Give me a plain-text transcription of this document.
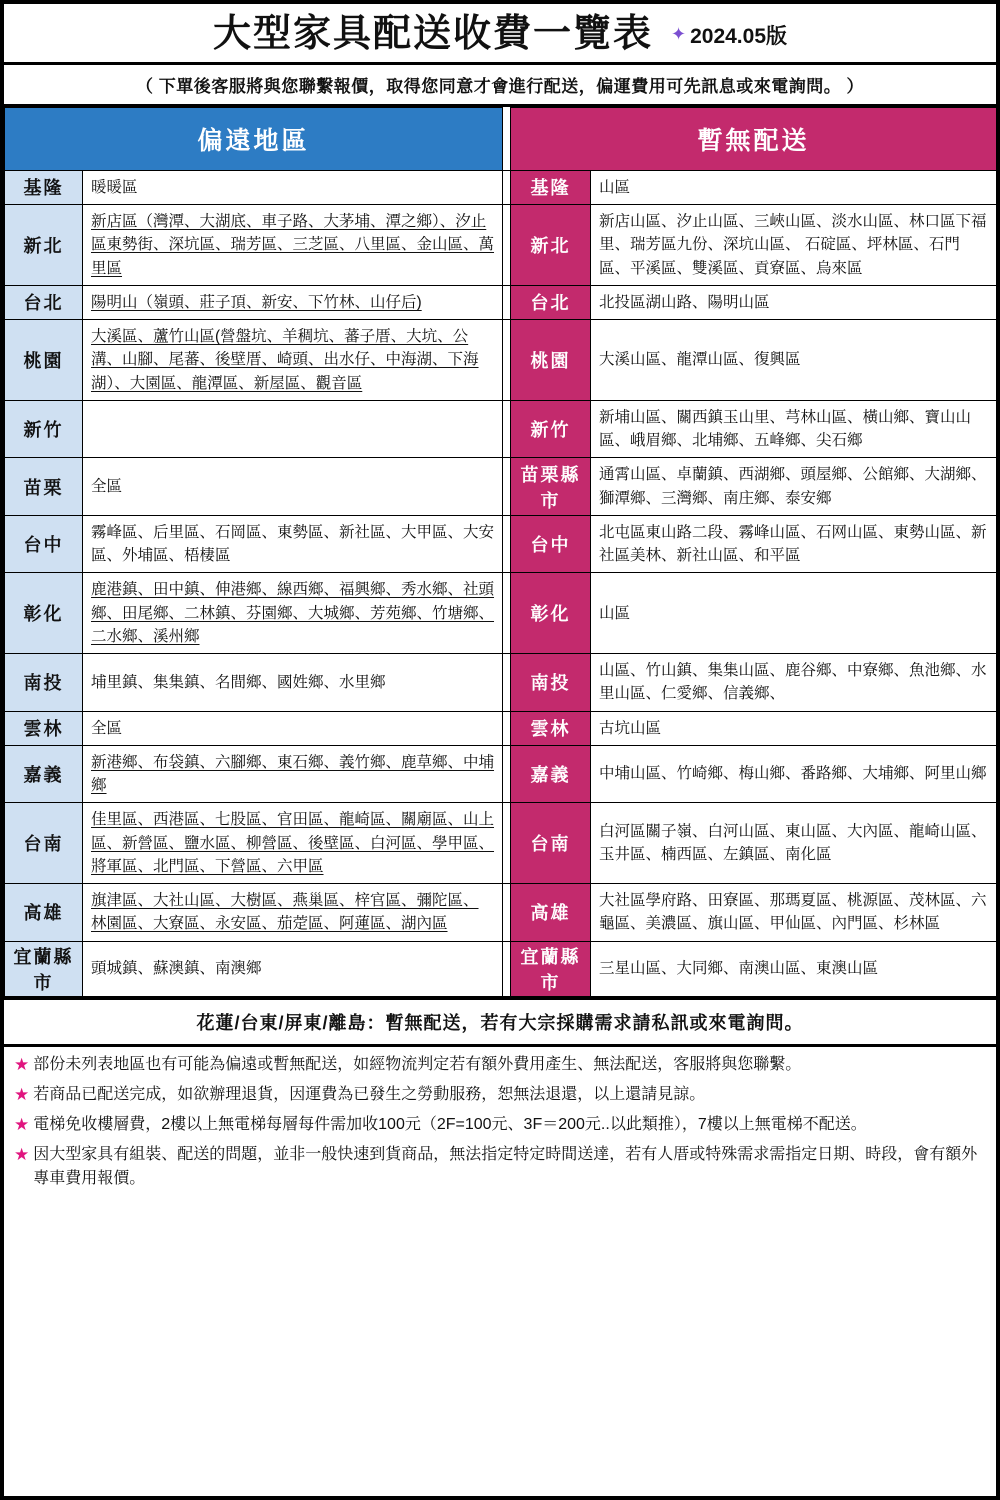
大型家具配送收費一覽表 ✦ 2024.05版
（ 下單後客服將與您聯繫報價，取得您同意才會進行配送，偏運費用可先訊息或來電詢問。 ）
偏遠地區			暫無配送	
基隆	暖暖區		基隆	山區
新北	新店區（灣潭、大湖底、車子路、大茅埔、潭之鄉）、汐止區東勢街、深坑區、瑞芳區、三芝區、八里區、金山區、萬里區		新北	新店山區、汐止山區、三峽山區、淡水山區、林口區下福里、瑞芳區九份、深坑山區、 石碇區、坪林區、石門區、平溪區、雙溪區、貢寮區、烏來區
台北	陽明山（嶺頭、莊子頂、新安、下竹林、山仔后)		台北	北投區湖山路、陽明山區
桃園	大溪區、蘆竹山區(營盤坑、羊稠坑、蕃子厝、大坑、公溝、山腳、尾蕃、後壁厝、崎頭、出水仔、中海湖、下海湖）、大園區、龍潭區、新屋區、觀音區		桃園	大溪山區、龍潭山區、復興區
新竹			新竹	新埔山區、關西鎮玉山里、芎林山區、橫山鄉、寶山山區、峨眉鄉、北埔鄉、五峰鄉、尖石鄉
苗栗	全區		苗栗縣市	通霄山區、卓蘭鎮、西湖鄉、頭屋鄉、公館鄉、大湖鄉、獅潭鄉、三灣鄉、南庄鄉、泰安鄉
台中	霧峰區、后里區、石岡區、東勢區、新社區、大甲區、大安區、外埔區、梧棲區		台中	北屯區東山路二段、霧峰山區、石网山區、東勢山區、新社區美林、新社山區、和平區
彰化	鹿港鎮、田中鎮、伸港鄉、線西鄉、福興鄉、秀水鄉、社頭鄉、田尾鄉、二林鎮、芬園鄉、大城鄉、芳苑鄉、竹塘鄉、二水鄉、溪州鄉		彰化	山區
南投	埔里鎮、集集鎮、名間鄉、國姓鄉、水里鄉		南投	山區、竹山鎮、集集山區、鹿谷鄉、中寮鄉、魚池鄉、水里山區、仁愛鄉、信義鄉、
雲林	全區		雲林	古坑山區
嘉義	新港鄉、布袋鎮、六腳鄉、東石鄉、義竹鄉、鹿草鄉、中埔鄉		嘉義	中埔山區、竹崎鄉、梅山鄉、番路鄉、大埔鄉、阿里山鄉
台南	佳里區、西港區、七股區、官田區、龍崎區、關廟區、山上區、新營區、鹽水區、柳營區、後壁區、白河區、學甲區、將軍區、北門區、下營區、六甲區		台南	白河區關子嶺、白河山區、東山區、大內區、龍崎山區、玉井區、楠西區、左鎮區、南化區
高雄	旗津區、大社山區、大樹區、燕巢區、梓官區、彌陀區、 林園區、大寮區、永安區、茄萣區、阿蓮區、湖內區		高雄	大社區學府路、田寮區、那瑪夏區、桃源區、茂林區、六龜區、美濃區、旗山區、甲仙區、內門區、杉林區
宜蘭縣市	頭城鎮、蘇澳鎮、南澳鄉		宜蘭縣市	三星山區、大同鄉、南澳山區、東澳山區
花蓮/台東/屏東/離島：暫無配送，若有大宗採購需求請私訊或來電詢問。
★ 部份未列表地區也有可能為偏遠或暫無配送，如經物流判定若有額外費用產生、無法配送，客服將與您聯繫。
★ 若商品已配送完成，如欲辦理退貨，因運費為已發生之勞動服務，恕無法退還，以上還請見諒。
★ 電梯免收樓層費，2樓以上無電梯每層每件需加收100元（2F=100元、3F＝200元..以此類推），7樓以上無電梯不配送。
★ 因大型家具有組裝、配送的問題，並非一般快速到貨商品，無法指定特定時間送達，若有人厝或特殊需求需指定日期、時段，會有額外專車費用報價。
